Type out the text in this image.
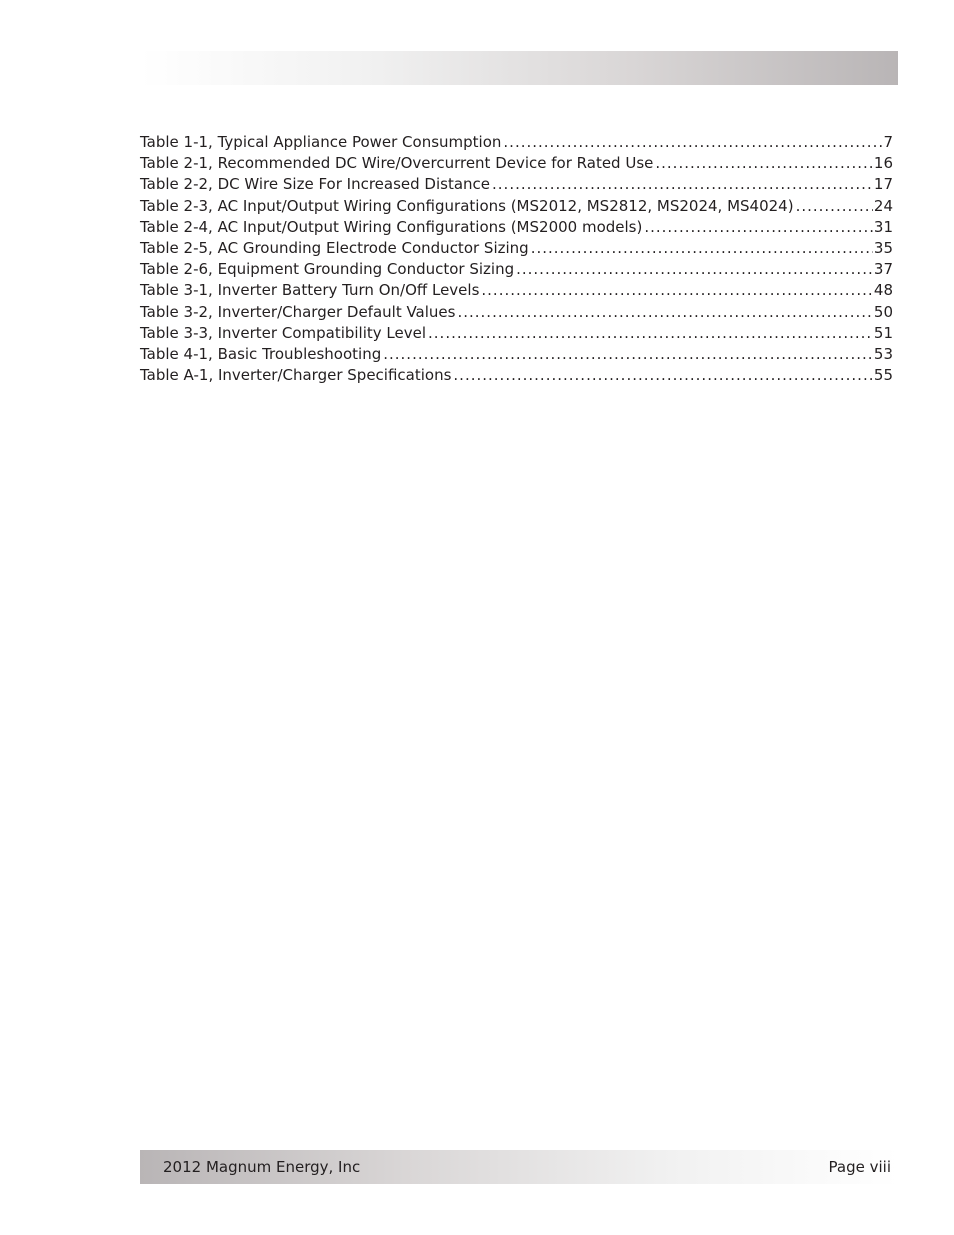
Table 1-1, Typical Appliance Power Consumption .....	7
Table 2-1, Recommended DC Wire/Overcurrent Device for Rated Use .....	16
Table 2-2, DC Wire Size For Increased Distance .....	17
Table 2-3, AC Input/Output Wiring Configurations (MS2012, MS2812, MS2024, MS4024) .....	24
Table 2-4, AC Input/Output Wiring Configurations (MS2000 models) .....	31
Table 2-5, AC Grounding Electrode Conductor Sizing .....	35
Table 2-6, Equipment Grounding Conductor Sizing .....	37
Table 3-1, Inverter Battery Turn On/Off Levels .....	48
Table 3-2, Inverter/Charger Default Values .....	50
Table 3-3, Inverter Compatibility Level .....	51
Table 4-1, Basic Troubleshooting .....	53
Table A-1, Inverter/Charger Specifications .....	55
2012 Magnum Energy, Inc	Page viii
